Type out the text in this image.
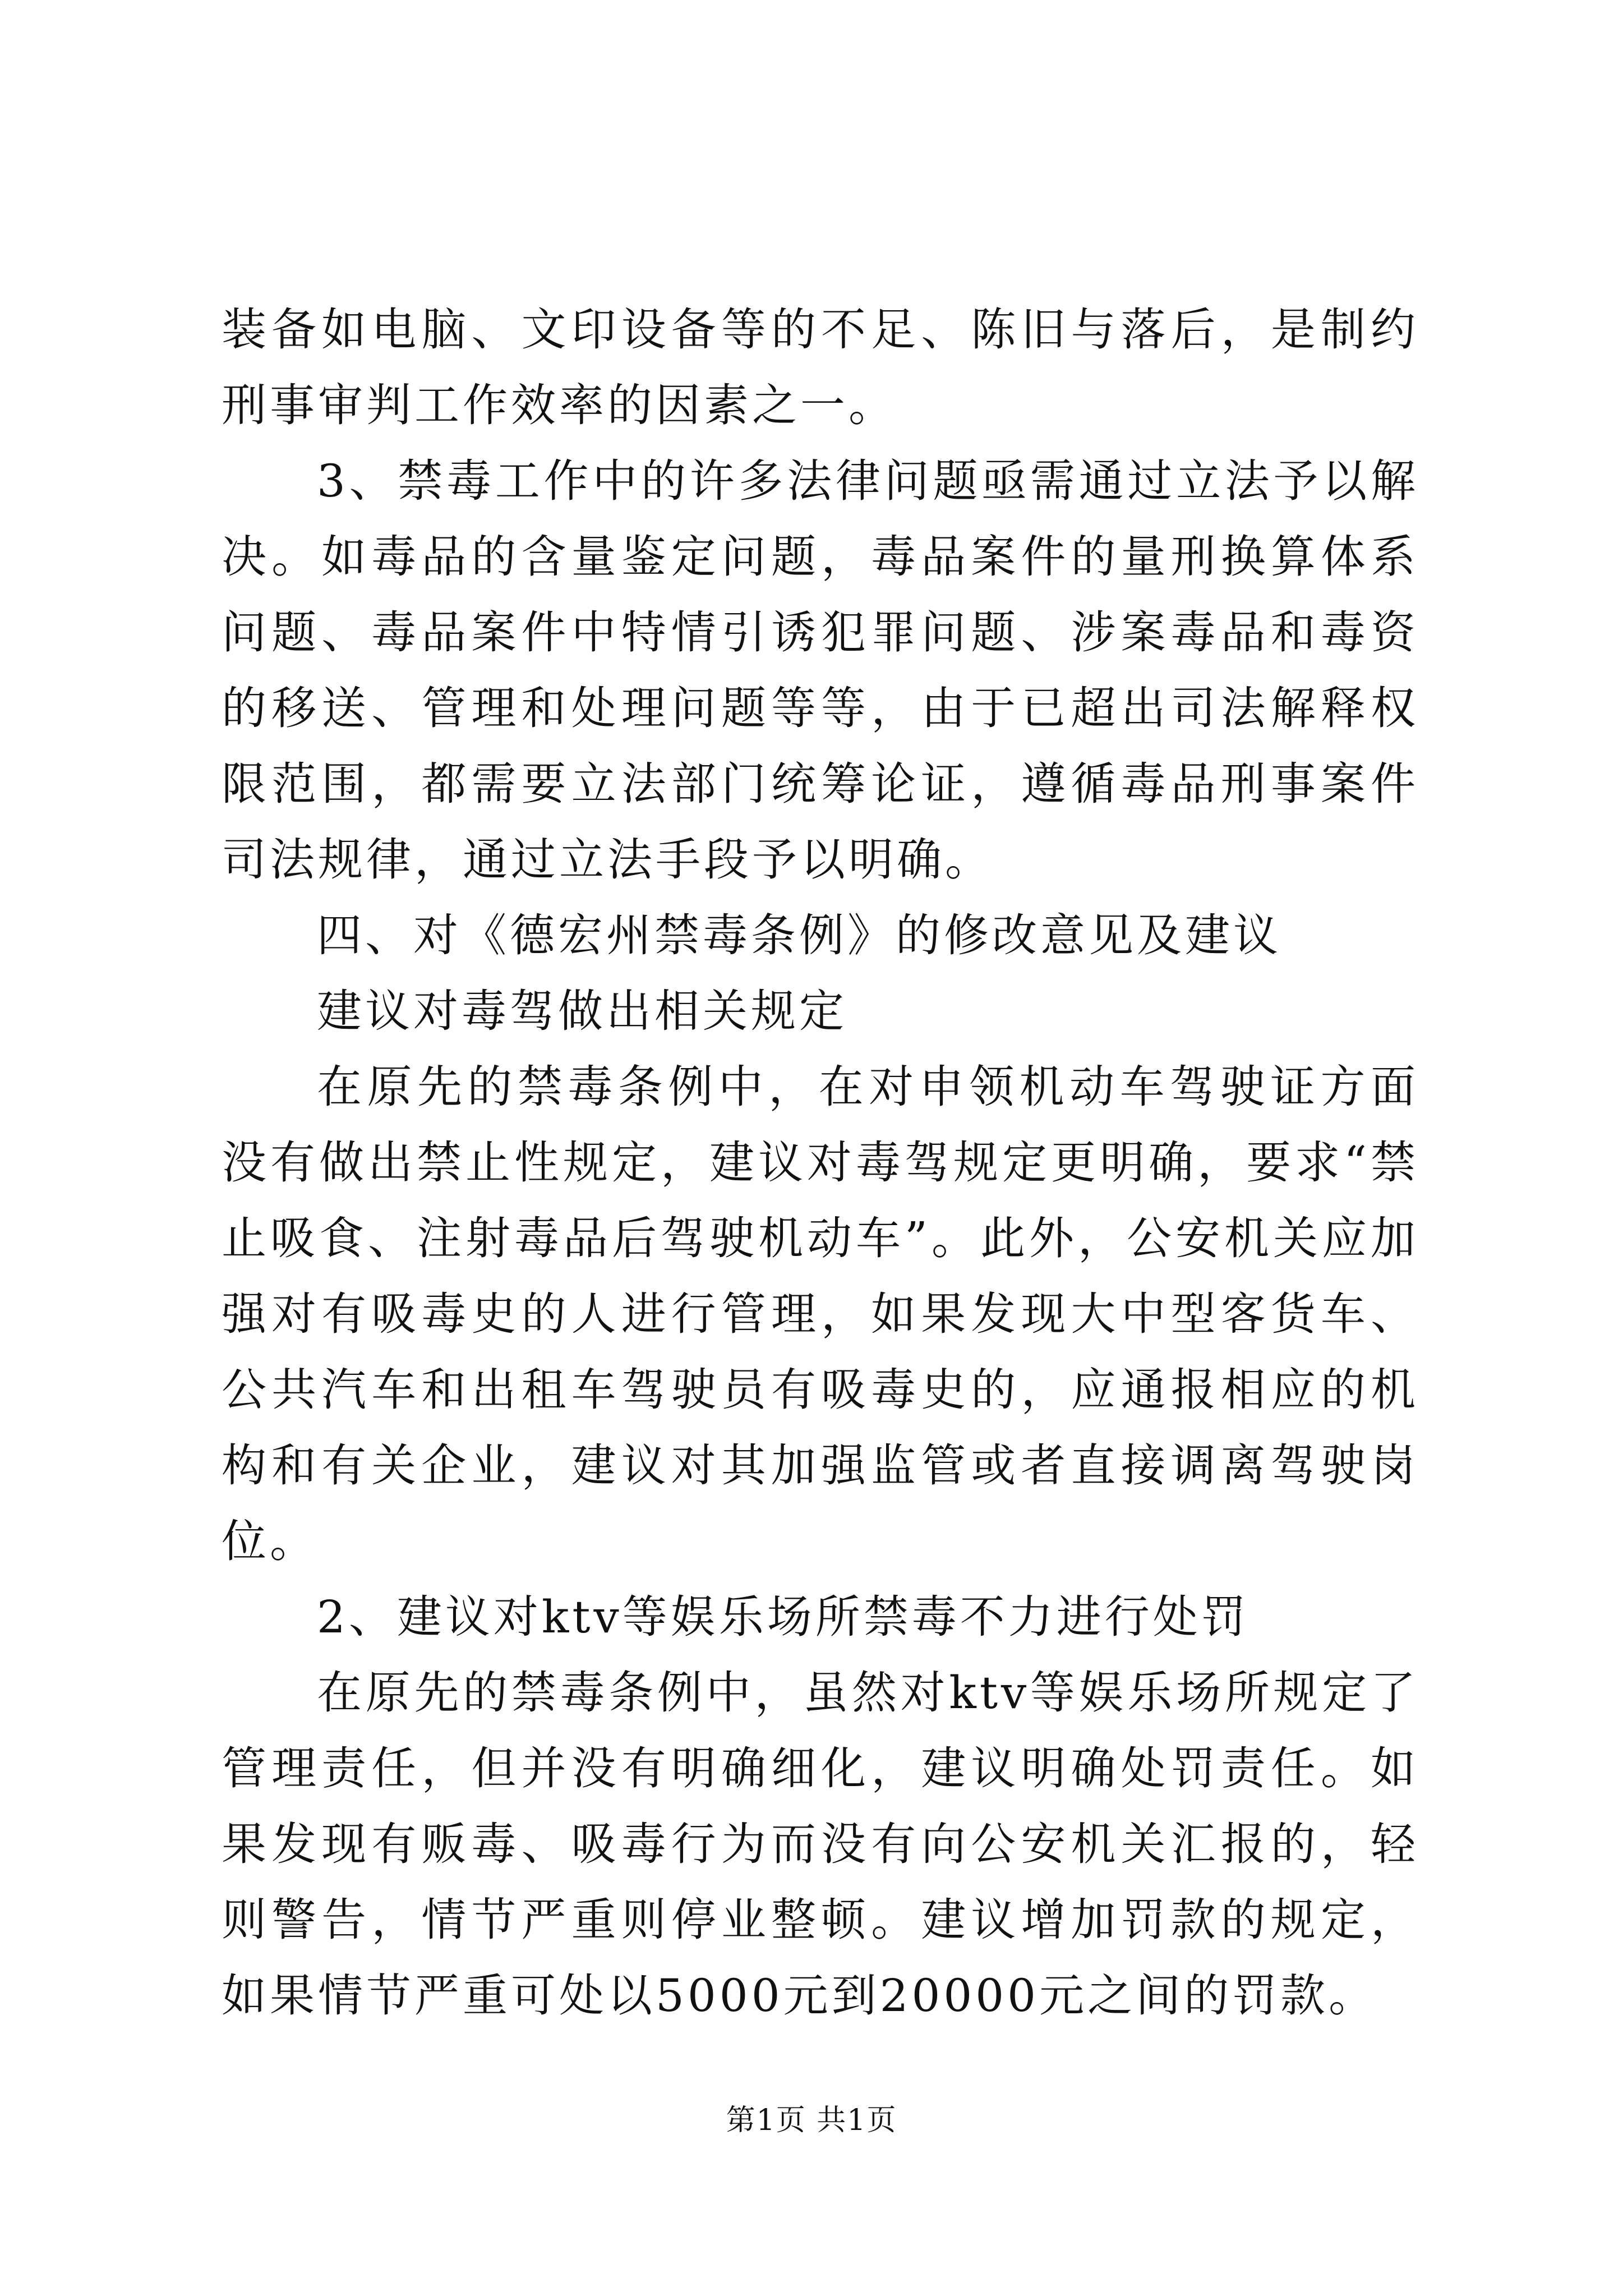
装备如电脑、文印设备等的不足、陈旧与落后，是制约刑事审判工作效率的因素之一。

3、禁毒工作中的许多法律问题亟需通过立法予以解决。如毒品的含量鉴定问题，毒品案件的量刑换算体系问题、毒品案件中特情引诱犯罪问题、涉案毒品和毒资的移送、管理和处理问题等等，由于已超出司法解释权限范围，都需要立法部门统筹论证，遵循毒品刑事案件司法规律，通过立法手段予以明确。

四、对《德宏州禁毒条例》的修改意见及建议

建议对毒驾做出相关规定

在原先的禁毒条例中，在对申领机动车驾驶证方面没有做出禁止性规定，建议对毒驾规定更明确，要求“禁止吸食、注射毒品后驾驶机动车”。此外，公安机关应加强对有吸毒史的人进行管理，如果发现大中型客货车、公共汽车和出租车驾驶员有吸毒史的，应通报相应的机构和有关企业，建议对其加强监管或者直接调离驾驶岗位。

2、建议对ktv等娱乐场所禁毒不力进行处罚

在原先的禁毒条例中，虽然对ktv等娱乐场所规定了管理责任，但并没有明确细化，建议明确处罚责任。如果发现有贩毒、吸毒行为而没有向公安机关汇报的，轻则警告，情节严重则停业整顿。建议增加罚款的规定，如果情节严重可处以5000元到20000元之间的罚款。

第1页 共1页
